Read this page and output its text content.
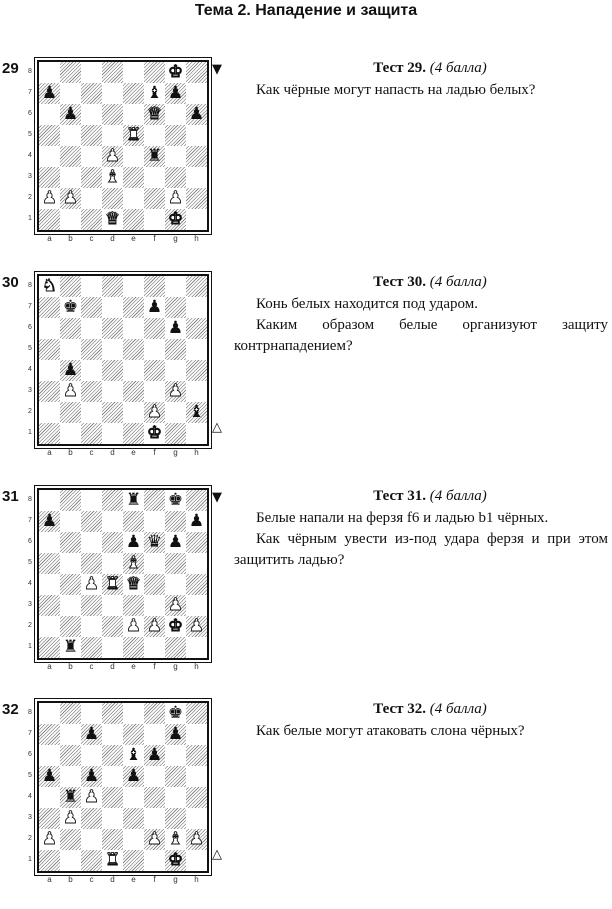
Тема 2. Нападение и защита
29	♚
♟	♝ ♟
♟	♛ ♟
♜
♟ ♜
♝
♟ ♟	♟
♛	♚
▼	Тест 29. (4 балла)

Как чёрные могут напасть на ладью белых?

8
7
6
5
4
3
2
1
a	b	c	d	e	f	g	h
30 ♞
♚	♟
♟
♟
♟	♟
♟ ♝
♚	△
Тест 30. (4 балла)

Конь белых находится под ударом.

Каким образом белые организуют защиту контрнападением?

8
7
6
5
4
3
2
1
a	b	c	d	e	f	g	h
31	♜ ♚
♟	♟
♟ ♛ ♟
♝
♟ ♜ ♛
♟
♟ ♟ ♚ ♟
♜
▼	Тест 31. (4 балла)

Белые напали на ферзя f6 и ладью b1 чёрных.

Как чёрным увести из-под удара ферзя и при этом защитить ладью?

8
7
6
5
4
3
2
1
a	b	c	d	e	f	g	h
32	♚
♟	♟
♝ ♟
♟ ♟ ♟
♜ ♟
♟
♟	♟ ♝ ♟
♜	♚ △
Тест 32. (4 балла)

Как белые могут атаковать слона чёрных?

8
7
6
5
4
3
2
1
a	b	c	d	e	f	g	h
